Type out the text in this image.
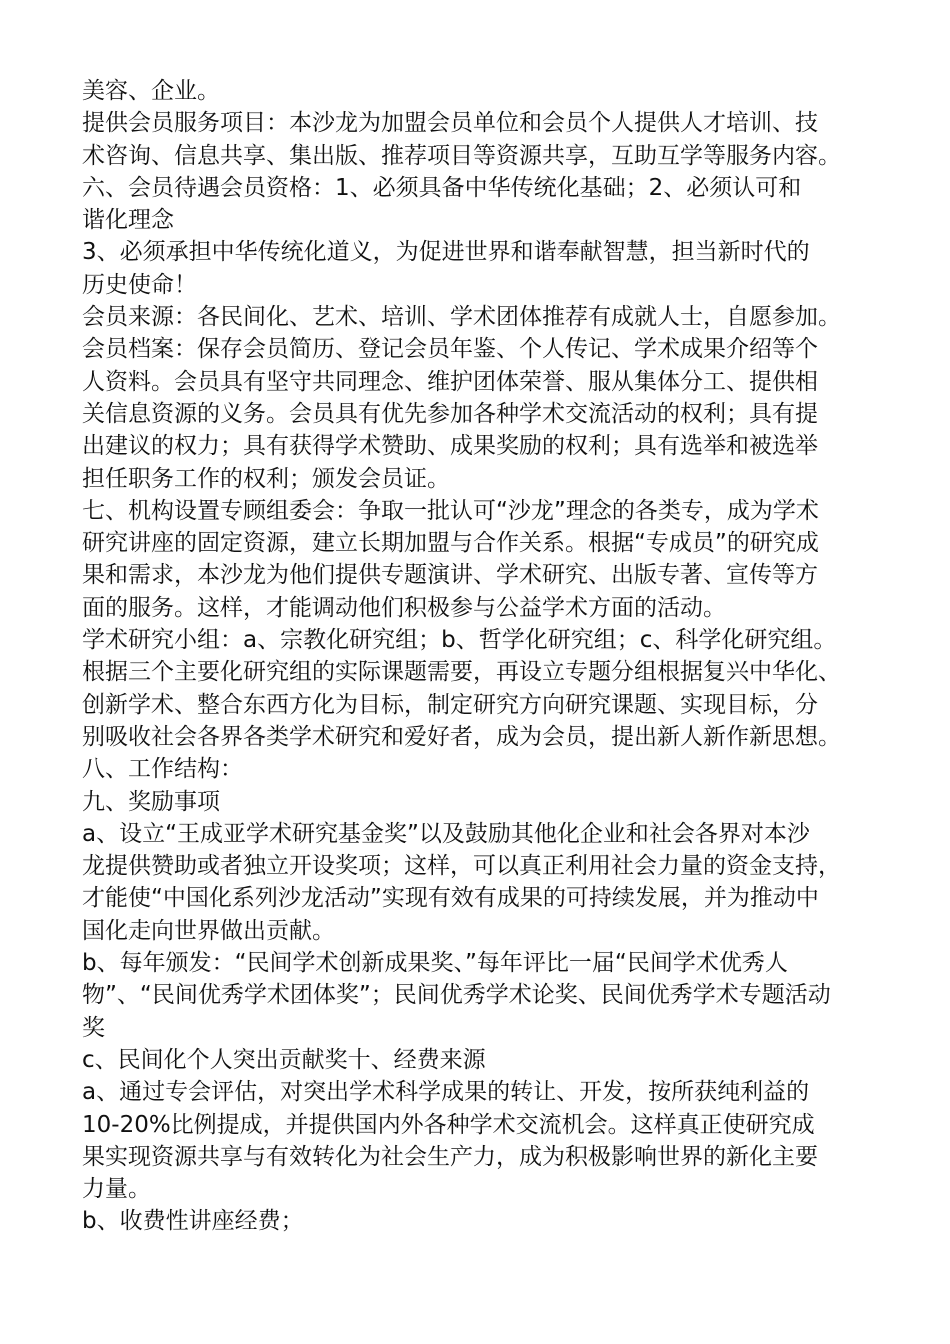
美容、企业。
提供会员服务项目：本沙龙为加盟会员单位和会员个人提供人才培训、技
术咨询、信息共享、集出版、推荐项目等资源共享，互助互学等服务内容。
六、会员待遇会员资格：1、必须具备中华传统化基础；2、必须认可和
谐化理念
3、必须承担中华传统化道义，为促进世界和谐奉献智慧，担当新时代的
历史使命！
会员来源：各民间化、艺术、培训、学术团体推荐有成就人士，自愿参加。
会员档案：保存会员简历、登记会员年鉴、个人传记、学术成果介绍等个
人资料。会员具有坚守共同理念、维护团体荣誉、服从集体分工、提供相
关信息资源的义务。会员具有优先参加各种学术交流活动的权利；具有提
出建议的权力；具有获得学术赞助、成果奖励的权利；具有选举和被选举
担任职务工作的权利；颁发会员证。
七、机构设置专顾组委会：争取一批认可“沙龙”理念的各类专，成为学术
研究讲座的固定资源，建立长期加盟与合作关系。根据“专成员”的研究成
果和需求，本沙龙为他们提供专题演讲、学术研究、出版专著、宣传等方
面的服务。这样，才能调动他们积极参与公益学术方面的活动。
学术研究小组：a、宗教化研究组；b、哲学化研究组；c、科学化研究组。
根据三个主要化研究组的实际课题需要，再设立专题分组根据复兴中华化、
创新学术、整合东西方化为目标，制定研究方向研究课题、实现目标，分
别吸收社会各界各类学术研究和爱好者，成为会员，提出新人新作新思想。
八、工作结构：
九、奖励事项
a、设立“王成亚学术研究基金奖”以及鼓励其他化企业和社会各界对本沙
龙提供赞助或者独立开设奖项；这样，可以真正利用社会力量的资金支持，
才能使“中国化系列沙龙活动”实现有效有成果的可持续发展，并为推动中
国化走向世界做出贡献。
b、每年颁发：“民间学术创新成果奖、”每年评比一届“民间学术优秀人
物”、“民间优秀学术团体奖”；民间优秀学术论奖、民间优秀学术专题活动
奖
c、民间化个人突出贡献奖十、经费来源
a、通过专会评估，对突出学术科学成果的转让、开发，按所获纯利益的
10-20%比例提成，并提供国内外各种学术交流机会。这样真正使研究成
果实现资源共享与有效转化为社会生产力，成为积极影响世界的新化主要
力量。
b、收费性讲座经费；
